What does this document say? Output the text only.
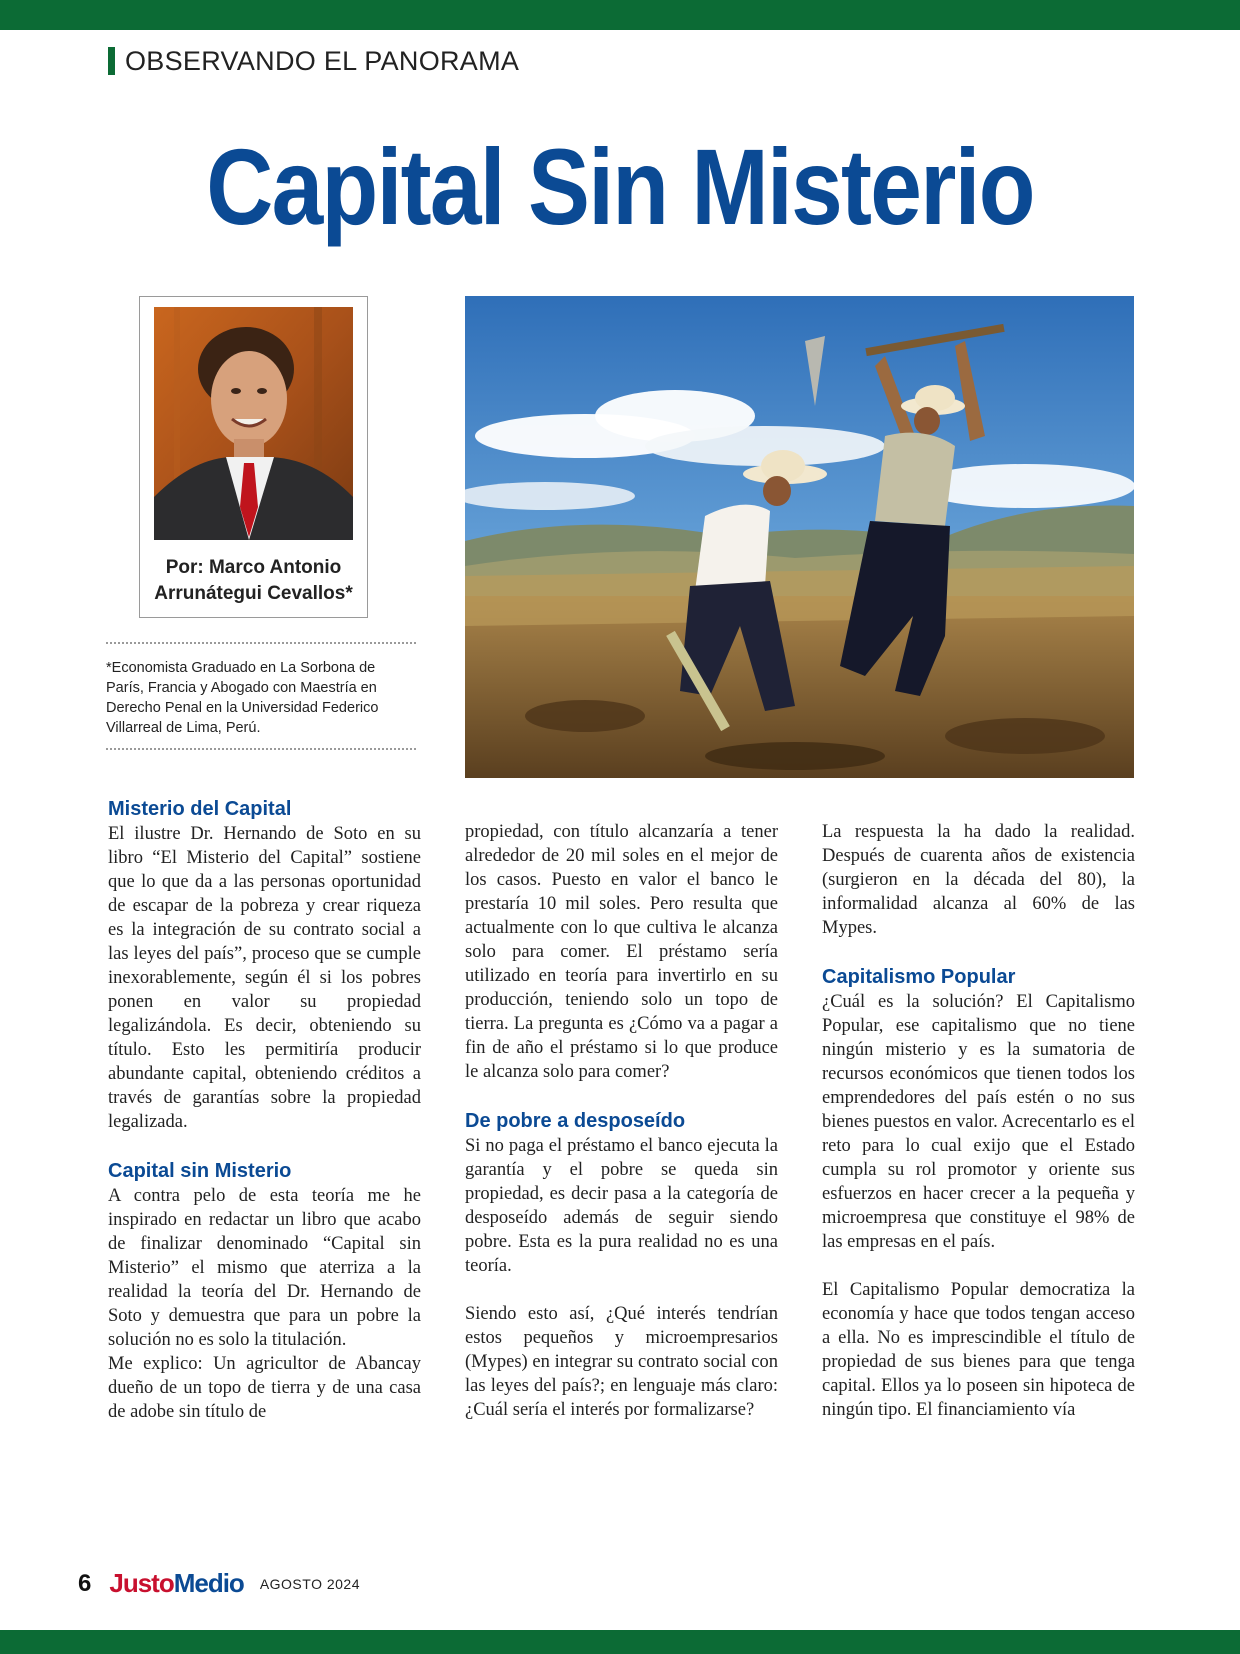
OBSERVANDO EL PANORAMA
Capital Sin Misterio
Por: Marco Antonio
Arrunátegui Cevallos*
*Economista Graduado en La Sorbona de París, Francia y Abogado con Maestría en Derecho Penal en la Universidad Federico Villarreal de Lima, Perú.
Misterio del Capital

El ilustre Dr. Hernando de Soto en su libro “El Misterio del Capital” sostiene que lo que da a las personas oportunidad de escapar de la pobreza y crear riqueza es la integración de su contrato social a las leyes del país”, proceso que se cumple inexorablemente, según él si los pobres ponen en valor su propiedad legalizándola. Es decir, obteniendo su título. Esto les permitiría producir abundante capital, obteniendo créditos a través de garantías sobre la propiedad legalizada.

Capital sin Misterio

A contra pelo de esta teoría me he inspirado en redactar un libro que acabo de finalizar denominado “Capital sin Misterio” el mismo que aterriza a la realidad la teoría del Dr. Hernando de Soto y demuestra que para un pobre la solución no es solo la titulación.

Me explico: Un agricultor de Abancay dueño de un topo de tierra y de una casa de adobe sin título de

propiedad, con título alcanzaría a tener alrededor de 20 mil soles en el mejor de los casos. Puesto en valor el banco le prestaría 10 mil soles. Pero resulta que actualmente con lo que cultiva le alcanza solo para comer. El préstamo sería utilizado en teoría para invertirlo en su producción, teniendo solo un topo de tierra. La pregunta es ¿Cómo va a pagar a fin de año el préstamo si lo que produce le alcanza solo para comer?

De pobre a desposeído

Si no paga el préstamo el banco ejecuta la garantía y el pobre se queda sin propiedad, es decir pasa a la categoría de desposeído además de seguir siendo pobre. Esta es la pura realidad no es una teoría.

Siendo esto así, ¿Qué interés tendrían estos pequeños y microempresarios (Mypes) en integrar su contrato social con las leyes del país?; en lenguaje más claro: ¿Cuál sería el interés por formalizarse?

La respuesta la ha dado la realidad. Después de cuarenta años de existencia (surgieron en la década del 80), la informalidad alcanza al 60% de las Mypes.

Capitalismo Popular

¿Cuál es la solución? El Capitalismo Popular, ese capitalismo que no tiene ningún misterio y es la sumatoria de recursos económicos que tienen todos los emprendedores del país estén o no sus bienes puestos en valor. Acrecentarlo es el reto para lo cual exijo que el Estado cumpla su rol promotor y oriente sus esfuerzos en hacer crecer a la pequeña y microempresa que constituye el 98% de las empresas en el país.

El Capitalismo Popular democratiza la economía y hace que todos tengan acceso a ella. No es imprescindible el título de propiedad de sus bienes para que tenga capital. Ellos ya lo poseen sin hipoteca de ningún tipo. El financiamiento vía

6 JustoMedio AGOSTO 2024
